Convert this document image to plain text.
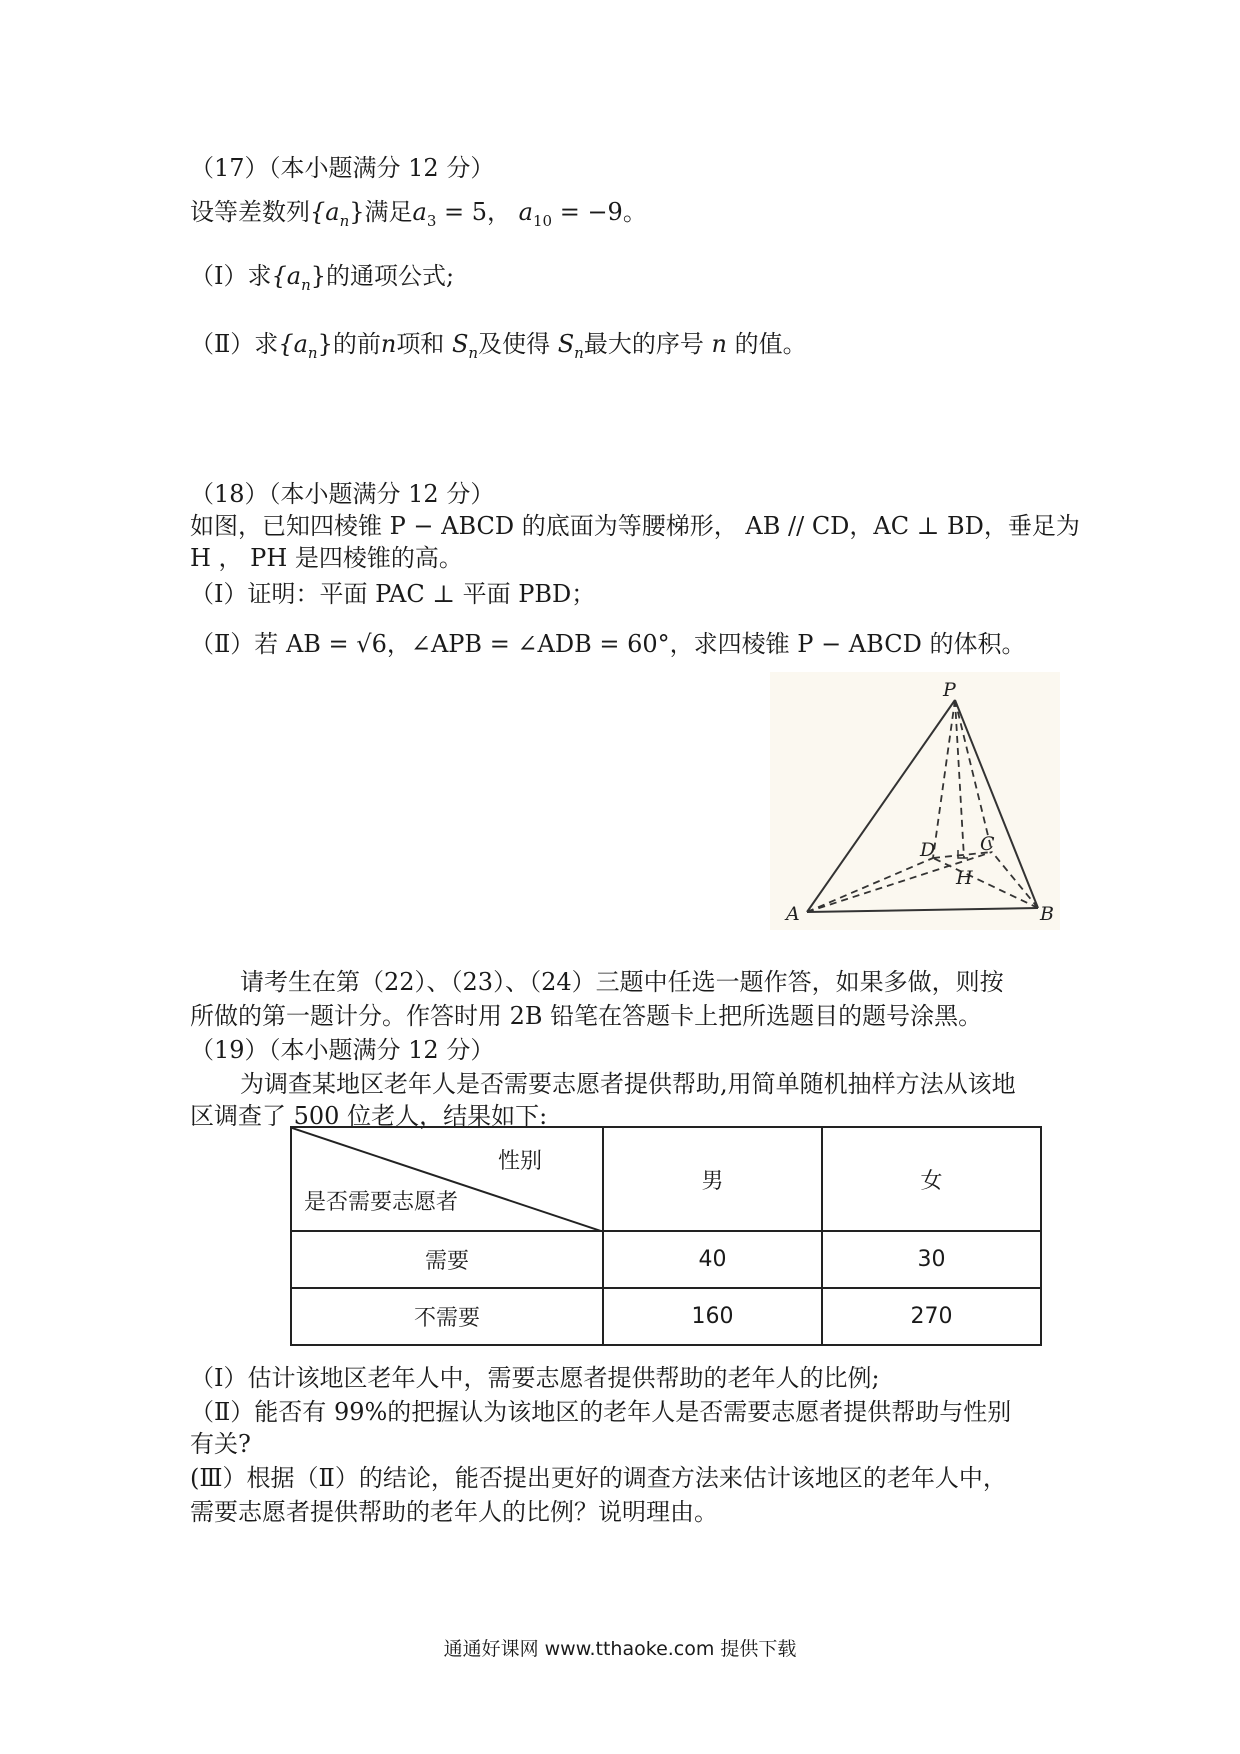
（17）（本小题满分 12 分）
设等差数列$\{a_n\}$满足$a_3 = 5$， $a_{10} = -9$。
（Ⅰ）求$\{a_n\}$的通项公式;
（Ⅱ）求$\{a_n\}$的前n项和 $S_n$及使得 $S_n$最大的序号 n 的值。
（18）（本小题满分 12 分）
如图，已知四棱锥 P − ABCD 的底面为等腰梯形， AB // CD，AC ⊥ BD，垂足为
H ， PH 是四棱锥的高。
（Ⅰ）证明：平面 PAC ⊥ 平面 PBD；
（Ⅱ）若 AB = √6，∠APB = ∠ADB = 60°，求四棱锥 P − ABCD 的体积。
P
A	B
C
D
H
请考生在第（22）、（23）、（24）三题中任选一题作答，如果多做，则按
所做的第一题计分。作答时用 2B 铅笔在答题卡上把所选题目的题号涂黑。
（19）（本小题满分 12 分）
为调查某地区老年人是否需要志愿者提供帮助,用简单随机抽样方法从该地
区调查了 500 位老人，结果如下:
性别
是否需要志愿者	男	女
需要	40	30
不需要	160	270
（Ⅰ）估计该地区老年人中，需要志愿者提供帮助的老年人的比例;
（Ⅱ）能否有 99%的把握认为该地区的老年人是否需要志愿者提供帮助与性别
有关?
(Ⅲ）根据（Ⅱ）的结论，能否提出更好的调查方法来估计该地区的老年人中，
需要志愿者提供帮助的老年人的比例？说明理由。
通通好课网 www.tthaoke.com 提供下载
